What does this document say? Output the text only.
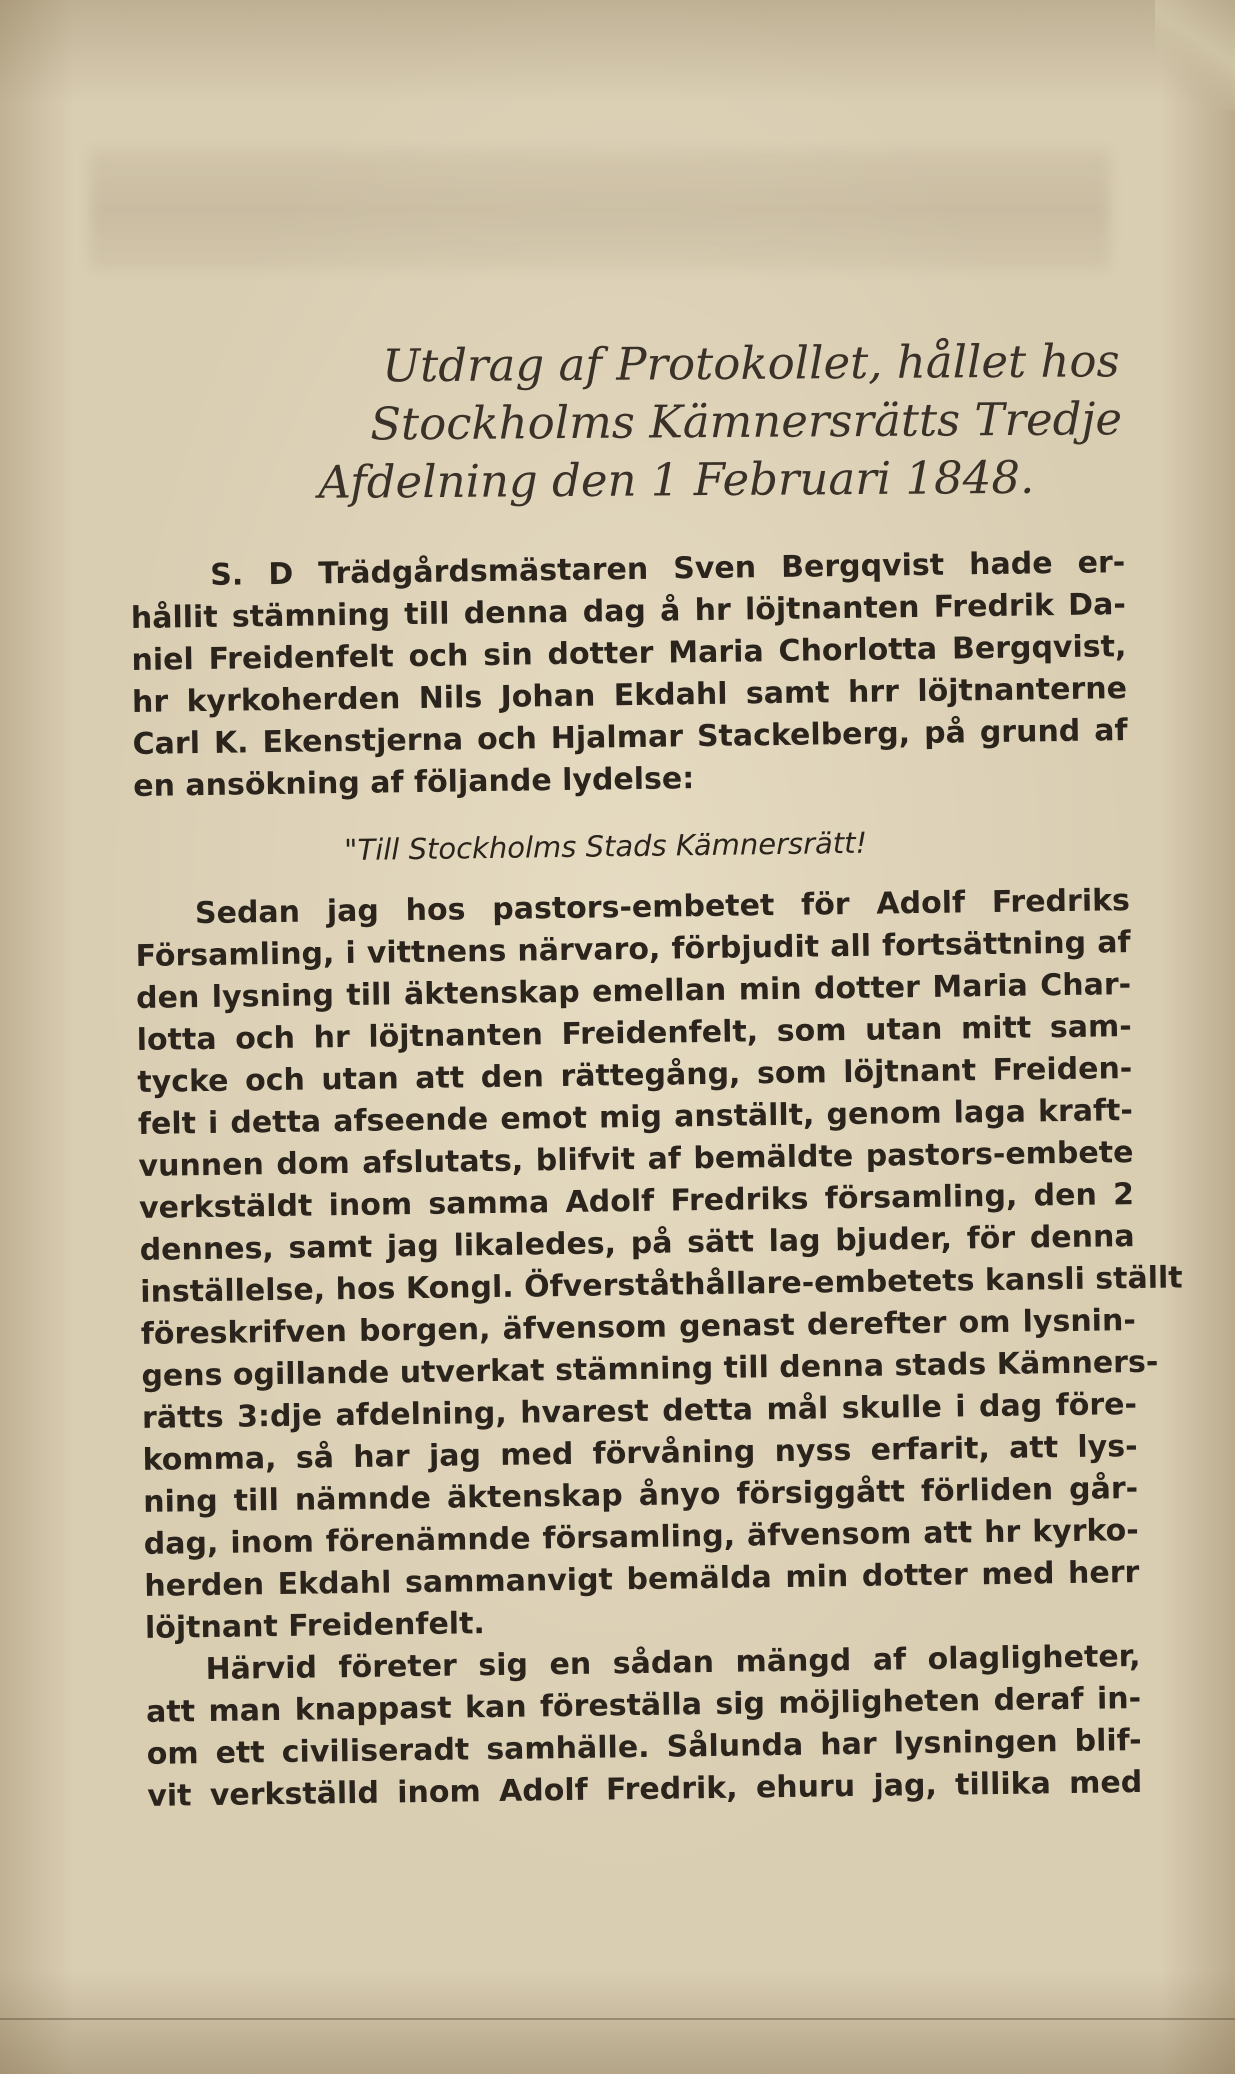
Utdrag af Protokollet, hållet hos
Stockholms Kämnersrätts Tredje
Afdelning den 1 Februari 1848.
S. D Trädgårdsmästaren Sven Bergqvist hade er-
hållit stämning till denna dag å hr löjtnanten Fredrik Da-
niel Freidenfelt och sin dotter Maria Chorlotta Bergqvist,
hr kyrkoherden Nils Johan Ekdahl samt hrr löjtnanterne
Carl K. Ekenstjerna och Hjalmar Stackelberg, på grund af
en ansökning af följande lydelse:
"Till Stockholms Stads Kämnersrätt!
Sedan jag hos pastors-embetet för Adolf Fredriks
Församling, i vittnens närvaro, förbjudit all fortsättning af
den lysning till äktenskap emellan min dotter Maria Char-
lotta och hr löjtnanten Freidenfelt, som utan mitt sam-
tycke och utan att den rättegång, som löjtnant Freiden-
felt i detta afseende emot mig anställt, genom laga kraft-
vunnen dom afslutats, blifvit af bemäldte pastors-embete
verkstäldt inom samma Adolf Fredriks församling, den 2
dennes, samt jag likaledes, på sätt lag bjuder, för denna
inställelse, hos Kongl. Öfverståthållare-embetets kansli ställt
föreskrifven borgen, äfvensom genast derefter om lysnin-
gens ogillande utverkat stämning till denna stads Kämners-
rätts 3:dje afdelning, hvarest detta mål skulle i dag före-
komma, så har jag med förvåning nyss erfarit, att lys-
ning till nämnde äktenskap ånyo försiggått förliden går-
dag, inom förenämnde församling, äfvensom att hr kyrko-
herden Ekdahl sammanvigt bemälda min dotter med herr
löjtnant Freidenfelt.
Härvid företer sig en sådan mängd af olagligheter,
att man knappast kan föreställa sig möjligheten deraf in-
om ett civiliseradt samhälle. Sålunda har lysningen blif-
vit verkställd inom Adolf Fredrik, ehuru jag, tillika med
